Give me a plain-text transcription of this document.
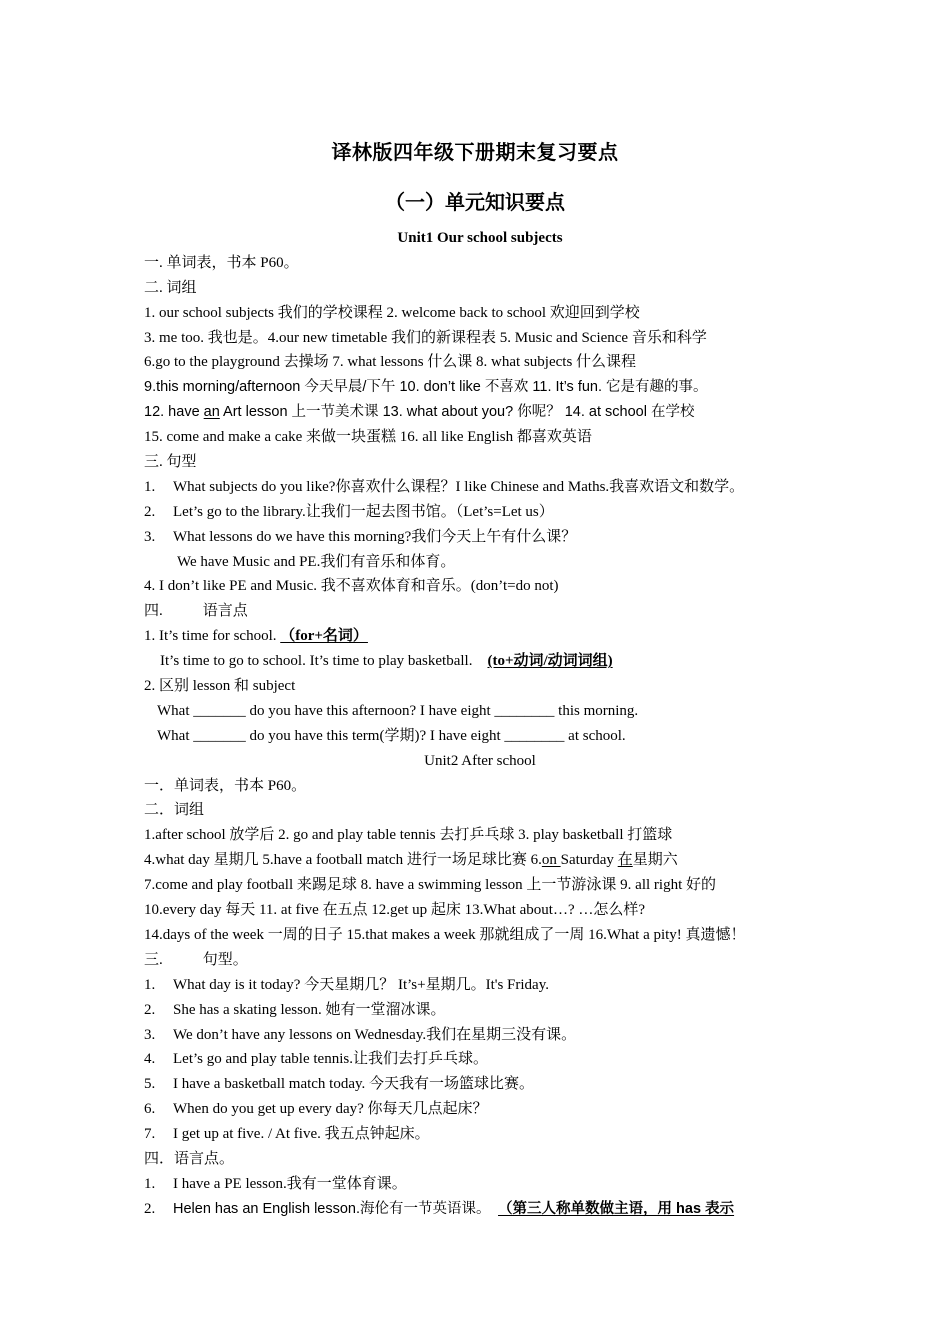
译林版四年级下册期末复习要点
（一）单元知识要点
Unit1 Our school subjects
一. 单词表，书本 P60。
二. 词组
1. our school subjects 我们的学校课程 2. welcome back to school 欢迎回到学校
3. me too. 我也是。4.our new timetable 我们的新课程表 5. Music and Science 音乐和科学
6.go to the playground 去操场 7. what lessons 什么课 8. what subjects 什么课程
9.this morning/afternoon 今天早晨/下午 10. don’t like 不喜欢 11. It’s fun. 它是有趣的事。
12. have an Art lesson 上一节美术课 13. what about you? 你呢？ 14. at school 在学校
15. come and make a cake 来做一块蛋糕 16. all like English 都喜欢英语
三. 句型
1. What subjects do you like?你喜欢什么课程？I like Chinese and Maths.我喜欢语文和数学。
2. Let’s go to the library.让我们一起去图书馆。（Let’s=Let us）
3. What lessons do we have this morning?我们今天上午有什么课？
We have Music and PE.我们有音乐和体育。
4. I don’t like PE and Music. 我不喜欢体育和音乐。(don’t=do not)
四.	语言点
1. It’s time for school. （for+名词）
It’s time to go to school. It’s time to play basketball. (to+动词/动词词组)
2. 区别 lesson 和 subject
What _______ do you have this afternoon? I have eight ________ this morning.
What _______ do you have this term(学期)? I have eight ________ at school.
Unit2 After school
一．单词表，书本 P60。
二．词组
1.after school 放学后 2. go and play table tennis 去打乒乓球 3. play basketball 打篮球
4.what day 星期几 5.have a football match 进行一场足球比赛 6.on Saturday 在星期六
7.come and play football 来踢足球 8. have a swimming lesson 上一节游泳课 9. all right 好的
10.every day 每天 11. at five 在五点 12.get up 起床 13.What about…? …怎么样?
14.days of the week 一周的日子 15.that makes a week 那就组成了一周 16.What a pity! 真遗憾！
三.	句型。
1. What day is it today? 今天星期几？ It’s+星期几。It's Friday.
2. She has a skating lesson. 她有一堂溜冰课。
3. We don’t have any lessons on Wednesday.我们在星期三没有课。
4. Let’s go and play table tennis.让我们去打乒乓球。
5. I have a basketball match today. 今天我有一场篮球比赛。
6. When do you get up every day? 你每天几点起床？
7. I get up at five. / At five. 我五点钟起床。
四．语言点。
1. I have a PE lesson.我有一堂体育课。
2. Helen has an English lesson.海伦有一节英语课。 （第三人称单数做主语，用 has 表示
